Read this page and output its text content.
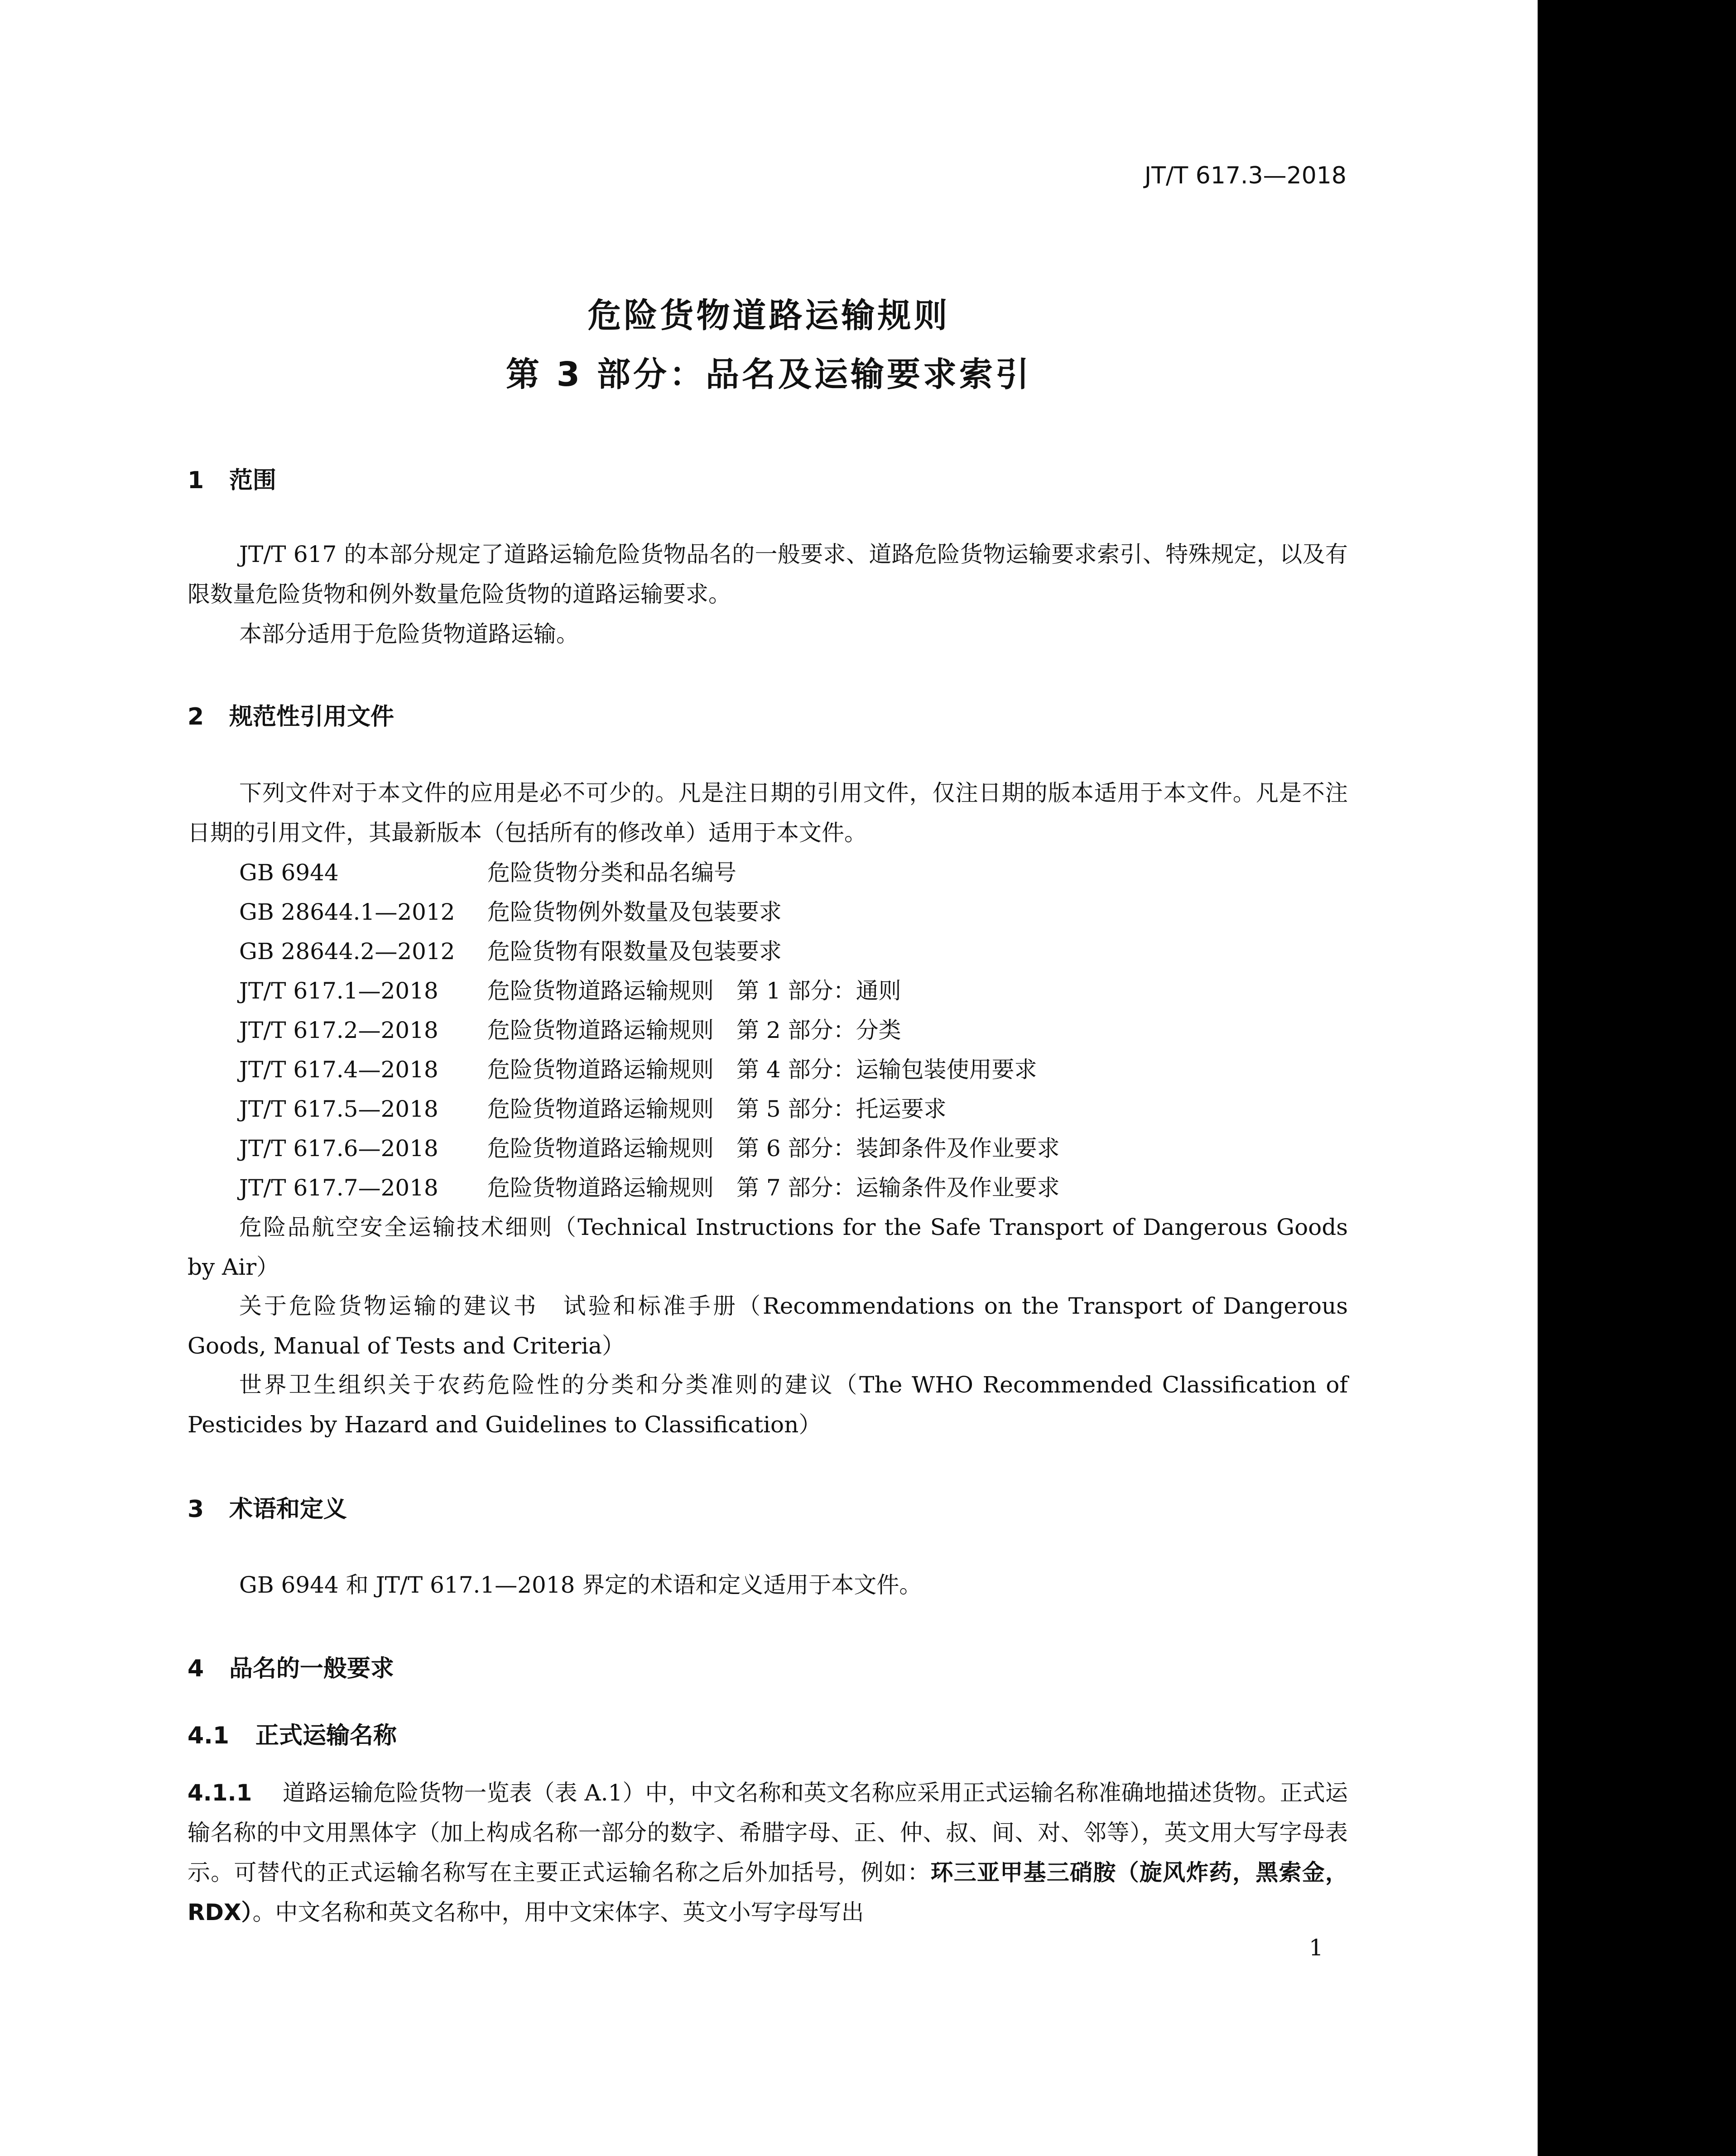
JT/T 617.3—2018
危险货物道路运输规则
第 3 部分：品名及运输要求索引
1 范围
JT/T 617 的本部分规定了道路运输危险货物品名的一般要求、道路危险货物运输要求索引、特殊规定，以及有限数量危险货物和例外数量危险货物的道路运输要求。
本部分适用于危险货物道路运输。
2 规范性引用文件
下列文件对于本文件的应用是必不可少的。凡是注日期的引用文件，仅注日期的版本适用于本文件。凡是不注日期的引用文件，其最新版本（包括所有的修改单）适用于本文件。
GB 6944	危险货物分类和品名编号
GB 28644.1—2012 危险货物例外数量及包装要求
GB 28644.2—2012 危险货物有限数量及包装要求
JT/T 617.1—2018 危险货物道路运输规则　第 1 部分：通则
JT/T 617.2—2018 危险货物道路运输规则　第 2 部分：分类
JT/T 617.4—2018 危险货物道路运输规则　第 4 部分：运输包装使用要求
JT/T 617.5—2018 危险货物道路运输规则　第 5 部分：托运要求
JT/T 617.6—2018 危险货物道路运输规则　第 6 部分：装卸条件及作业要求
JT/T 617.7—2018 危险货物道路运输规则　第 7 部分：运输条件及作业要求
危险品航空安全运输技术细则（Technical Instructions for the Safe Transport of Dangerous Goods by Air）
关于危险货物运输的建议书　试验和标准手册（Recommendations on the Transport of Dangerous Goods, Manual of Tests and Criteria）
世界卫生组织关于农药危险性的分类和分类准则的建议（The WHO Recommended Classification of Pesticides by Hazard and Guidelines to Classification）
3 术语和定义
GB 6944 和 JT/T 617.1—2018 界定的术语和定义适用于本文件。
4 品名的一般要求
4.1 正式运输名称
4.1.1 道路运输危险货物一览表（表 A.1）中，中文名称和英文名称应采用正式运输名称准确地描述货物。正式运输名称的中文用黑体字（加上构成名称一部分的数字、希腊字母、正、仲、叔、间、对、邻等），英文用大写字母表示。可替代的正式运输名称写在主要正式运输名称之后外加括号，例如：环三亚甲基三硝胺（旋风炸药，黑索金，RDX）。中文名称和英文名称中，用中文宋体字、英文小写字母写出
1
